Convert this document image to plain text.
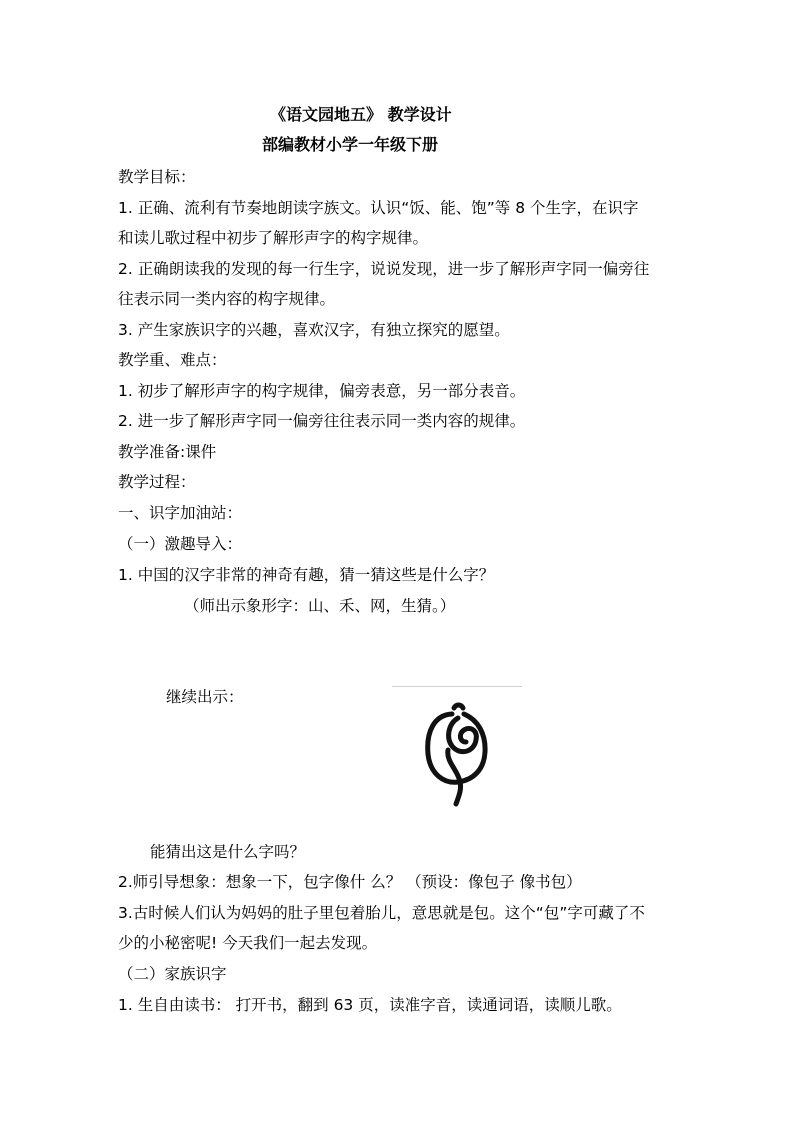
《语文园地五》 教学设计
部编教材小学一年级下册
教学目标：
1. 正确、流利有节奏地朗读字族文。认识“饭、能、饱”等 8 个生字，在识字
和读儿歌过程中初步了解形声字的构字规律。
2. 正确朗读我的发现的每一行生字，说说发现，进一步了解形声字同一偏旁往
往表示同一类内容的构字规律。
3. 产生家族识字的兴趣，喜欢汉字，有独立探究的愿望。
教学重、难点：
1. 初步了解形声字的构字规律，偏旁表意，另一部分表音。
2. 进一步了解形声字同一偏旁往往表示同一类内容的规律。
教学准备:课件
教学过程：
一、识字加油站：
（一）激趣导入：
1. 中国的汉字非常的神奇有趣，猜一猜这些是什么字？
（师出示象形字：山、禾、网，生猜。）
继续出示：
能猜出这是什么字吗？
2.师引导想象：想象一下，包字像什 么？ （预设：像包子 像书包）
3.古时候人们认为妈妈的肚子里包着胎儿，意思就是包。这个“包”字可藏了不
少的小秘密呢! 今天我们一起去发现。
（二）家族识字
1. 生自由读书： 打开书，翻到 63 页，读准字音，读通词语，读顺儿歌。
